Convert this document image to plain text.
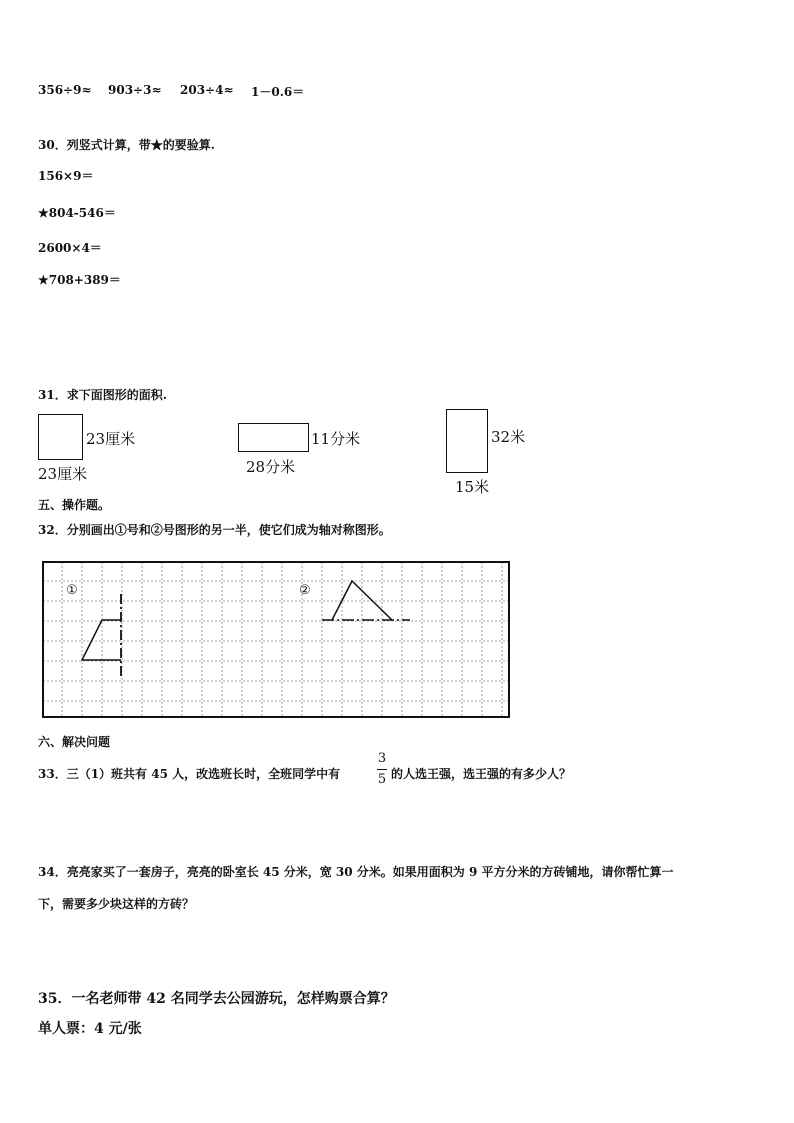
356÷9≈ 903÷3≈ 203÷4≈ 1－0.6＝
30．列竖式计算，带★的要验算.
156×9＝
★804-546＝
2600×4＝
★708+389＝
31．求下面图形的面积.
23厘米
23厘米
11分米
28分米
32米
15米
五、操作题。
32．分别画出①号和②号图形的另一半，使它们成为轴对称图形。
①	②
六、解决问题
33．三（1）班共有 45 人，改选班长时，全班同学中有
3
5 的人选王强，选王强的有多少人？
34．亮亮家买了一套房子，亮亮的卧室长 45 分米，宽 30 分米。如果用面积为 9 平方分米的方砖铺地，请你帮忙算一
下，需要多少块这样的方砖？
35．一名老师带 42 名同学去公园游玩，怎样购票合算？
单人票：4 元/张
